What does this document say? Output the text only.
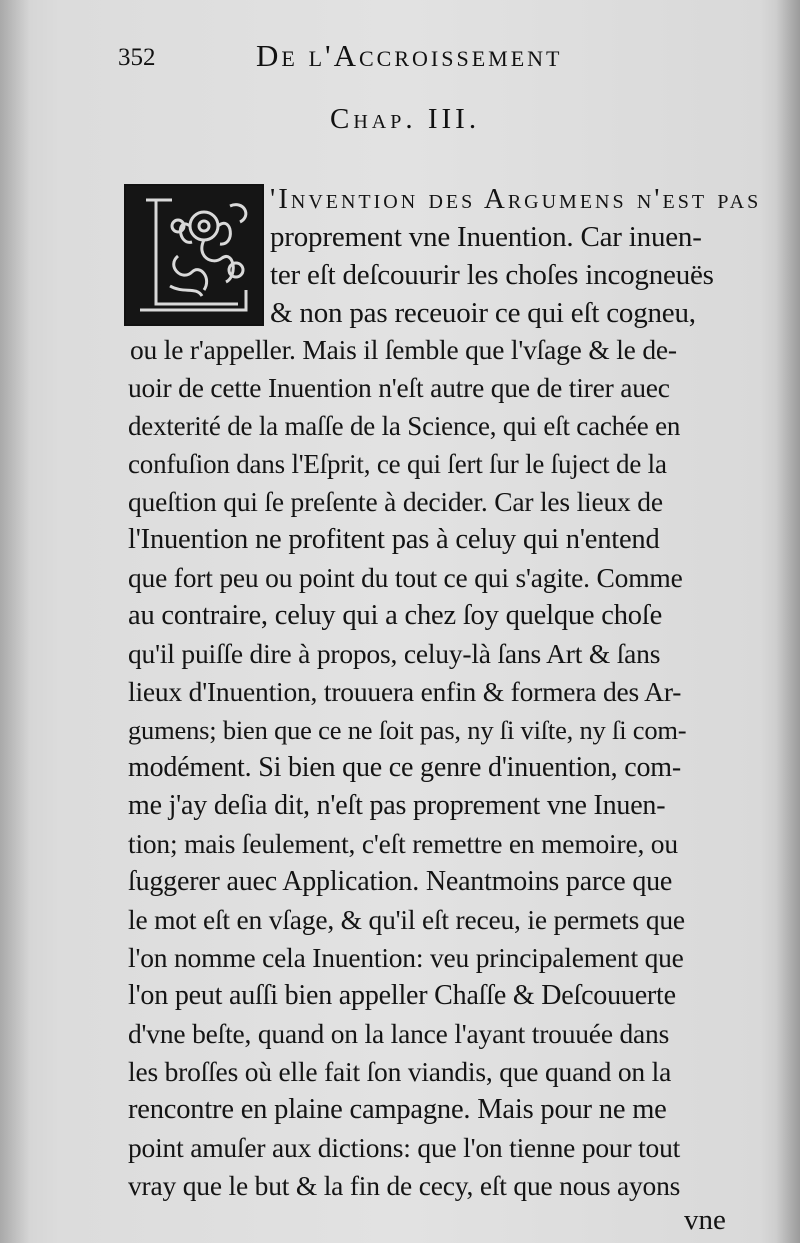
352	De l'Accroissement
Chap. III.
'Invention des Argumens n'eſt pas
proprement vne Inuention. Car inuen-
ter eſt deſcouurir les choſes incogneuës
& non pas receuoir ce qui eſt cogneu,
ou le r'appeller. Mais il ſemble que l'vſage & le de-
uoir de cette Inuention n'eſt autre que de tirer auec
dexterité de la maſſe de la Science, qui eſt cachée en
confuſion dans l'Eſprit, ce qui ſert ſur le ſuject de la
queſtion qui ſe preſente à decider. Car les lieux de
l'Inuention ne profitent pas à celuy qui n'entend
que fort peu ou point du tout ce qui s'agite. Comme
au contraire, celuy qui a chez ſoy quelque choſe
qu'il puiſſe dire à propos, celuy-là ſans Art & ſans
lieux d'Inuention, trouuera enfin & formera des Ar-
gumens; bien que ce ne ſoit pas, ny ſi viſte, ny ſi com-
modément. Si bien que ce genre d'inuention, com-
me j'ay deſia dit, n'eſt pas proprement vne Inuen-
tion; mais ſeulement, c'eſt remettre en memoire, ou
ſuggerer auec Application. Neantmoins parce que
le mot eſt en vſage, & qu'il eſt receu, ie permets que
l'on nomme cela Inuention: veu principalement que
l'on peut auſſi bien appeller Chaſſe & Deſcouuerte
d'vne beſte, quand on la lance l'ayant trouuée dans
les broſſes où elle fait ſon viandis, que quand on la
rencontre en plaine campagne. Mais pour ne me
point amuſer aux dictions: que l'on tienne pour tout
vray que le but & la fin de cecy, eſt que nous ayons
vne
